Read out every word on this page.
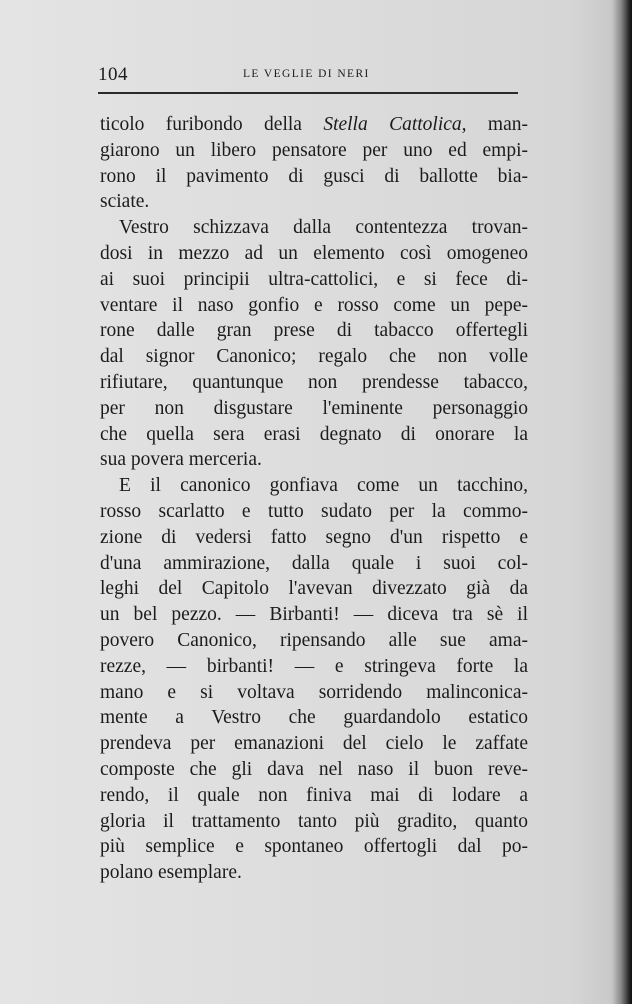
104	LE VEGLIE DI NERI
ticolo furibondo della Stella Cattolica, man-
giarono un libero pensatore per uno ed empi-
rono il pavimento di gusci di ballotte bia-
sciate.
Vestro schizzava dalla contentezza trovan-
dosi in mezzo ad un elemento così omogeneo
ai suoi principii ultra-cattolici, e si fece di-
ventare il naso gonfio e rosso come un pepe-
rone dalle gran prese di tabacco offertegli
dal signor Canonico; regalo che non volle
rifiutare, quantunque non prendesse tabacco,
per non disgustare l'eminente personaggio
che quella sera erasi degnato di onorare la
sua povera merceria.
E il canonico gonfiava come un tacchino,
rosso scarlatto e tutto sudato per la commo-
zione di vedersi fatto segno d'un rispetto e
d'una ammirazione, dalla quale i suoi col-
leghi del Capitolo l'avevan divezzato già da
un bel pezzo. — Birbanti! — diceva tra sè il
povero Canonico, ripensando alle sue ama-
rezze, — birbanti! — e stringeva forte la
mano e si voltava sorridendo malinconica-
mente a Vestro che guardandolo estatico
prendeva per emanazioni del cielo le zaffate
composte che gli dava nel naso il buon reve-
rendo, il quale non finiva mai di lodare a
gloria il trattamento tanto più gradito, quanto
più semplice e spontaneo offertogli dal po-
polano esemplare.
